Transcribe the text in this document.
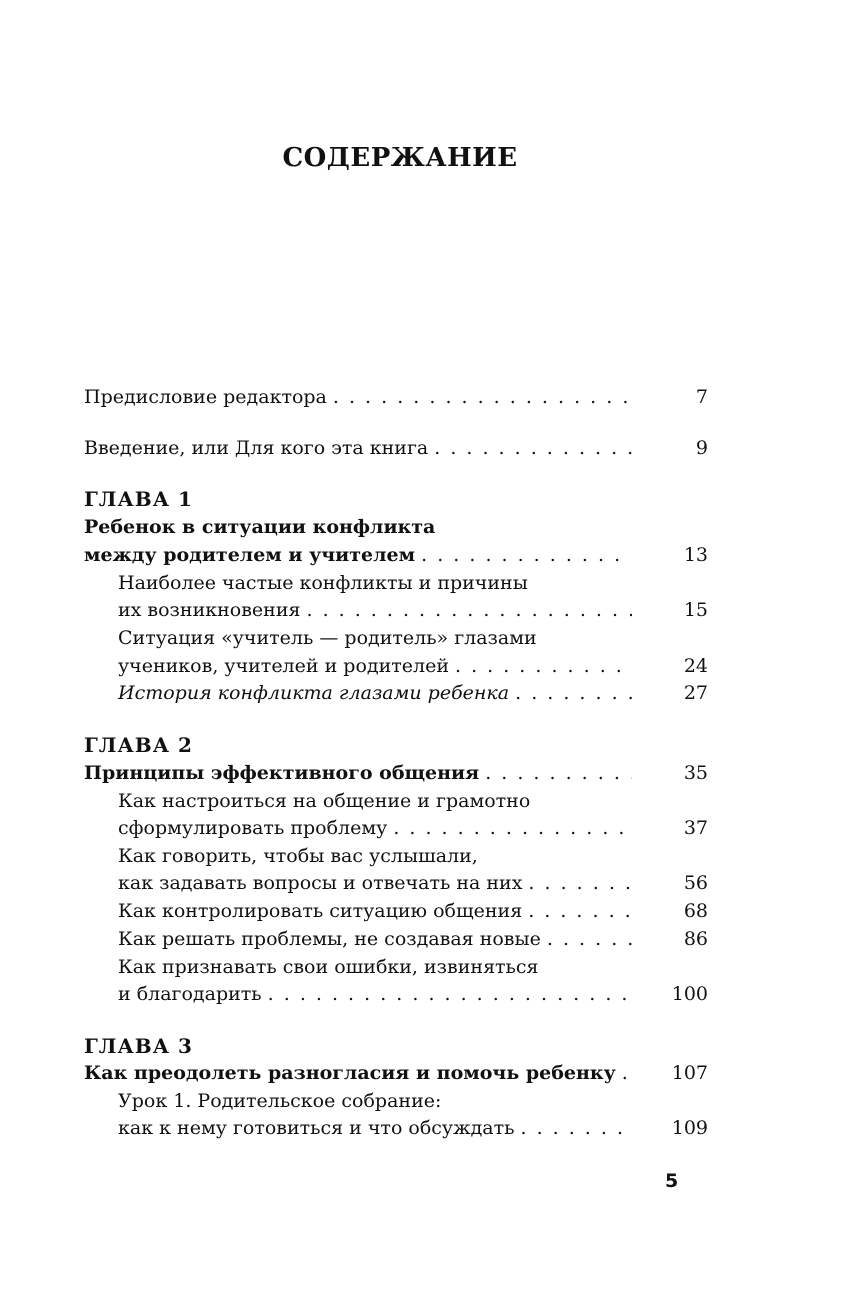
СОДЕРЖАНИЕ
Предисловие редактора . . .	7
Введение, или Для кого эта книга . . .	9
ГЛАВА 1
Ребенок в ситуации конфликта
между родителем и учителем . . .	13
Наиболее частые конфликты и причины
их возникновения . . .	15
Ситуация «учитель — родитель» глазами
учеников, учителей и родителей . . .	24
История конфликта глазами ребенка . . .	27
ГЛАВА 2
Принципы эффективного общения . . .	35
Как настроиться на общение и грамотно
сформулировать проблему . . .	37
Как говорить, чтобы вас услышали,
как задавать вопросы и отвечать на них . . .	56
Как контролировать ситуацию общения . . .	68
Как решать проблемы, не создавая новые . . .	86
Как признавать свои ошибки, извиняться
и благодарить . . .	100
ГЛАВА 3
Как преодолеть разногласия и помочь ребенку . . .	107
Урок 1. Родительское собрание:
как к нему готовиться и что обсуждать . . .	109
5
